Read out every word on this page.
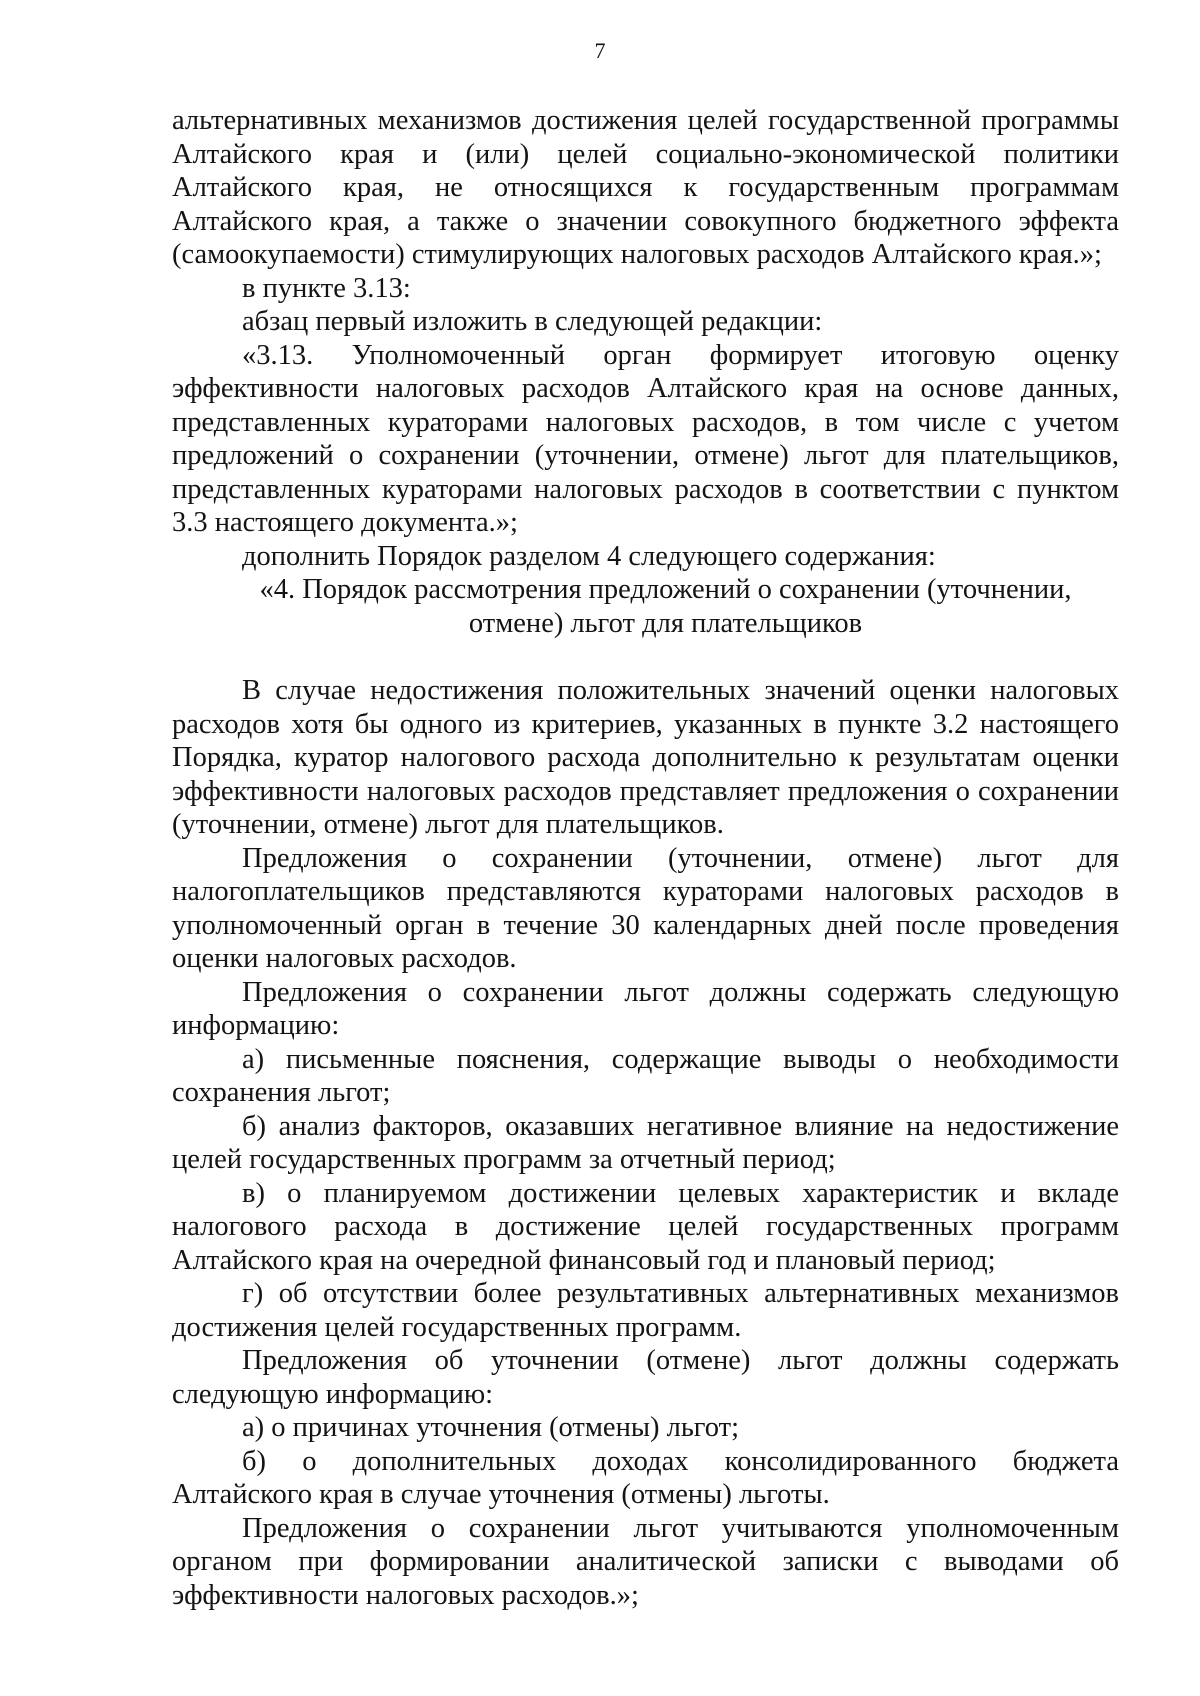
7

альтернативных механизмов достижения целей государственной программы Алтайского края и (или) целей социально-экономической политики Алтайского края, не относящихся к государственным программам Алтайского края, а также о значении совокупного бюджетного эффекта (самоокупаемости) стимулирующих налоговых расходов Алтайского края.»;

в пункте 3.13:

абзац первый изложить в следующей редакции:

«3.13. Уполномоченный орган формирует итоговую оценку эффективности налоговых расходов Алтайского края на основе данных, представленных кураторами налоговых расходов, в том числе с учетом предложений о сохранении (уточнении, отмене) льгот для плательщиков, представленных кураторами налоговых расходов в соответствии с пунктом 3.3 настоящего документа.»;

дополнить Порядок разделом 4 следующего содержания:

«4. Порядок рассмотрения предложений о сохранении (уточнении, отмене) льгот для плательщиков

В случае недостижения положительных значений оценки налоговых расходов хотя бы одного из критериев, указанных в пункте 3.2 настоящего Порядка, куратор налогового расхода дополнительно к результатам оценки эффективности налоговых расходов представляет предложения о сохранении (уточнении, отмене) льгот для плательщиков.

Предложения о сохранении (уточнении, отмене) льгот для налогоплательщиков представляются кураторами налоговых расходов в уполномоченный орган в течение 30 календарных дней после проведения оценки налоговых расходов.

Предложения о сохранении льгот должны содержать следующую информацию:

а) письменные пояснения, содержащие выводы о необходимости сохранения льгот;

б) анализ факторов, оказавших негативное влияние на недостижение целей государственных программ за отчетный период;

в) о планируемом достижении целевых характеристик и вкладе налогового расхода в достижение целей государственных программ Алтайского края на очередной финансовый год и плановый период;

г) об отсутствии более результативных альтернативных механизмов достижения целей государственных программ.

Предложения об уточнении (отмене) льгот должны содержать следующую информацию:

а) о причинах уточнения (отмены) льгот;

б) о дополнительных доходах консолидированного бюджета Алтайского края в случае уточнения (отмены) льготы.

Предложения о сохранении льгот учитываются уполномоченным органом при формировании аналитической записки с выводами об эффективности налоговых расходов.»;
